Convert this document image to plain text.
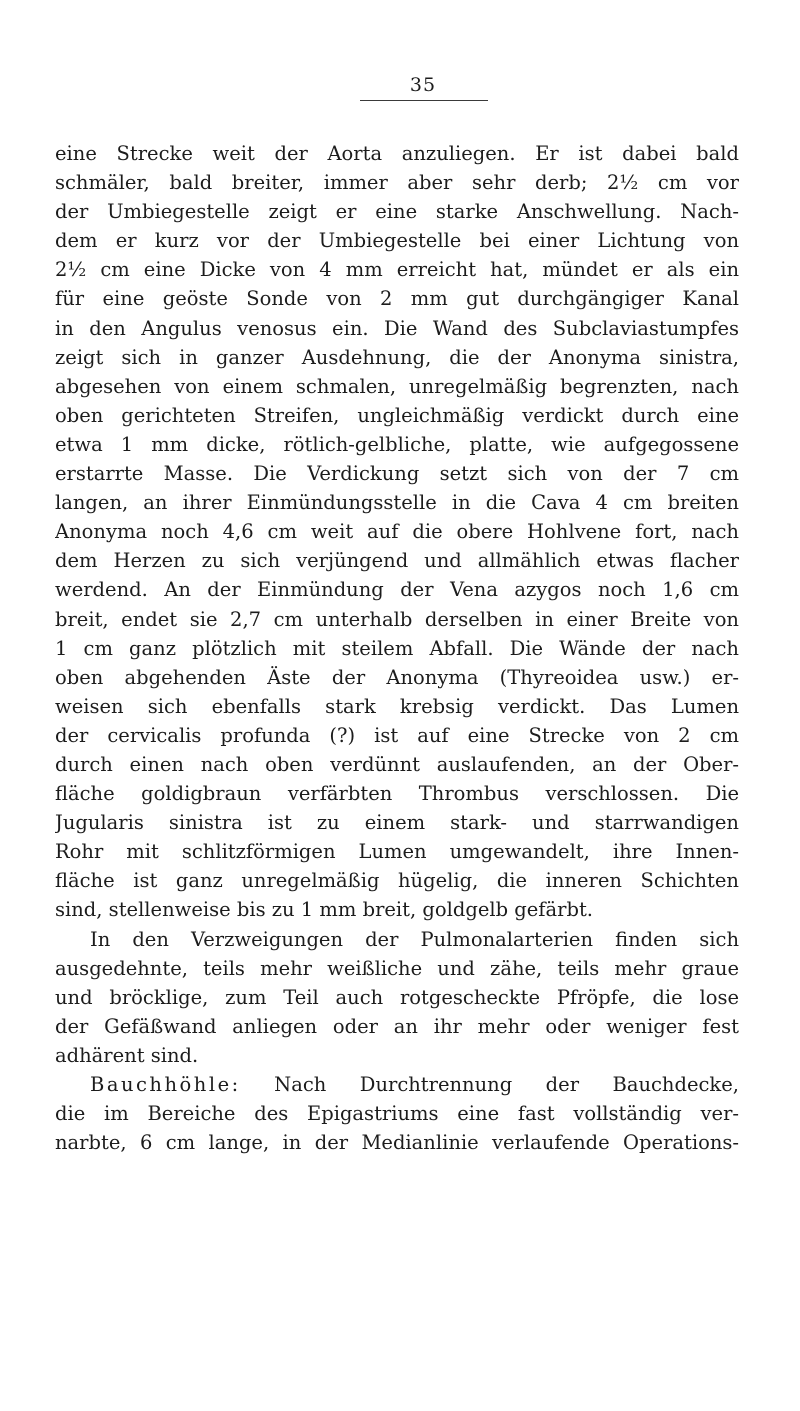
35
eine Strecke weit der Aorta anzuliegen. Er ist dabei bald
schmäler, bald breiter, immer aber sehr derb; 2½ cm vor
der Umbiegestelle zeigt er eine starke Anschwellung. Nach-
dem er kurz vor der Umbiegestelle bei einer Lichtung von
2½ cm eine Dicke von 4 mm erreicht hat, mündet er als ein
für eine geöste Sonde von 2 mm gut durchgängiger Kanal
in den Angulus venosus ein. Die Wand des Subclaviastumpfes
zeigt sich in ganzer Ausdehnung, die der Anonyma sinistra,
abgesehen von einem schmalen, unregelmäßig begrenzten, nach
oben gerichteten Streifen, ungleichmäßig verdickt durch eine
etwa 1 mm dicke, rötlich-gelbliche, platte, wie aufgegossene
erstarrte Masse. Die Verdickung setzt sich von der 7 cm
langen, an ihrer Einmündungsstelle in die Cava 4 cm breiten
Anonyma noch 4,6 cm weit auf die obere Hohlvene fort, nach
dem Herzen zu sich verjüngend und allmählich etwas flacher
werdend. An der Einmündung der Vena azygos noch 1,6 cm
breit, endet sie 2,7 cm unterhalb derselben in einer Breite von
1 cm ganz plötzlich mit steilem Abfall. Die Wände der nach
oben abgehenden Äste der Anonyma (Thyreoidea usw.) er-
weisen sich ebenfalls stark krebsig verdickt. Das Lumen
der cervicalis profunda (?) ist auf eine Strecke von 2 cm
durch einen nach oben verdünnt auslaufenden, an der Ober-
fläche goldigbraun verfärbten Thrombus verschlossen. Die
Jugularis sinistra ist zu einem stark- und starrwandigen
Rohr mit schlitzförmigen Lumen umgewandelt, ihre Innen-
fläche ist ganz unregelmäßig hügelig, die inneren Schichten
sind, stellenweise bis zu 1 mm breit, goldgelb gefärbt.
In den Verzweigungen der Pulmonalarterien finden sich
ausgedehnte, teils mehr weißliche und zähe, teils mehr graue
und bröcklige, zum Teil auch rotgescheckte Pfröpfe, die lose
der Gefäßwand anliegen oder an ihr mehr oder weniger fest
adhärent sind.
Bauchhöhle: Nach Durchtrennung der Bauchdecke,
die im Bereiche des Epigastriums eine fast vollständig ver-
narbte, 6 cm lange, in der Medianlinie verlaufende Operations-
